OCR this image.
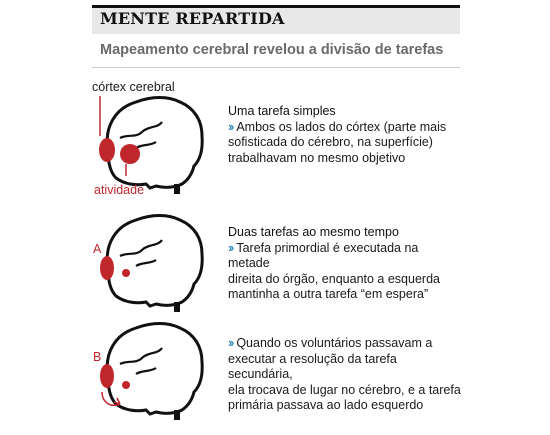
MENTE REPARTIDA
Mapeamento cerebral revelou a divisão de tarefas
córtex cerebral
atividade
A
B
Uma tarefa simples
›› Ambos os lados do córtex (parte mais
sofisticada do cérebro, na superfície)
trabalhavam no mesmo objetivo
Duas tarefas ao mesmo tempo
›› Tarefa primordial é executada na metade
direita do órgão, enquanto a esquerda
mantinha a outra tarefa “em espera”
›› Quando os voluntários passavam a
executar a resolução da tarefa secundária,
ela trocava de lugar no cérebro, e a tarefa
primária passava ao lado esquerdo
